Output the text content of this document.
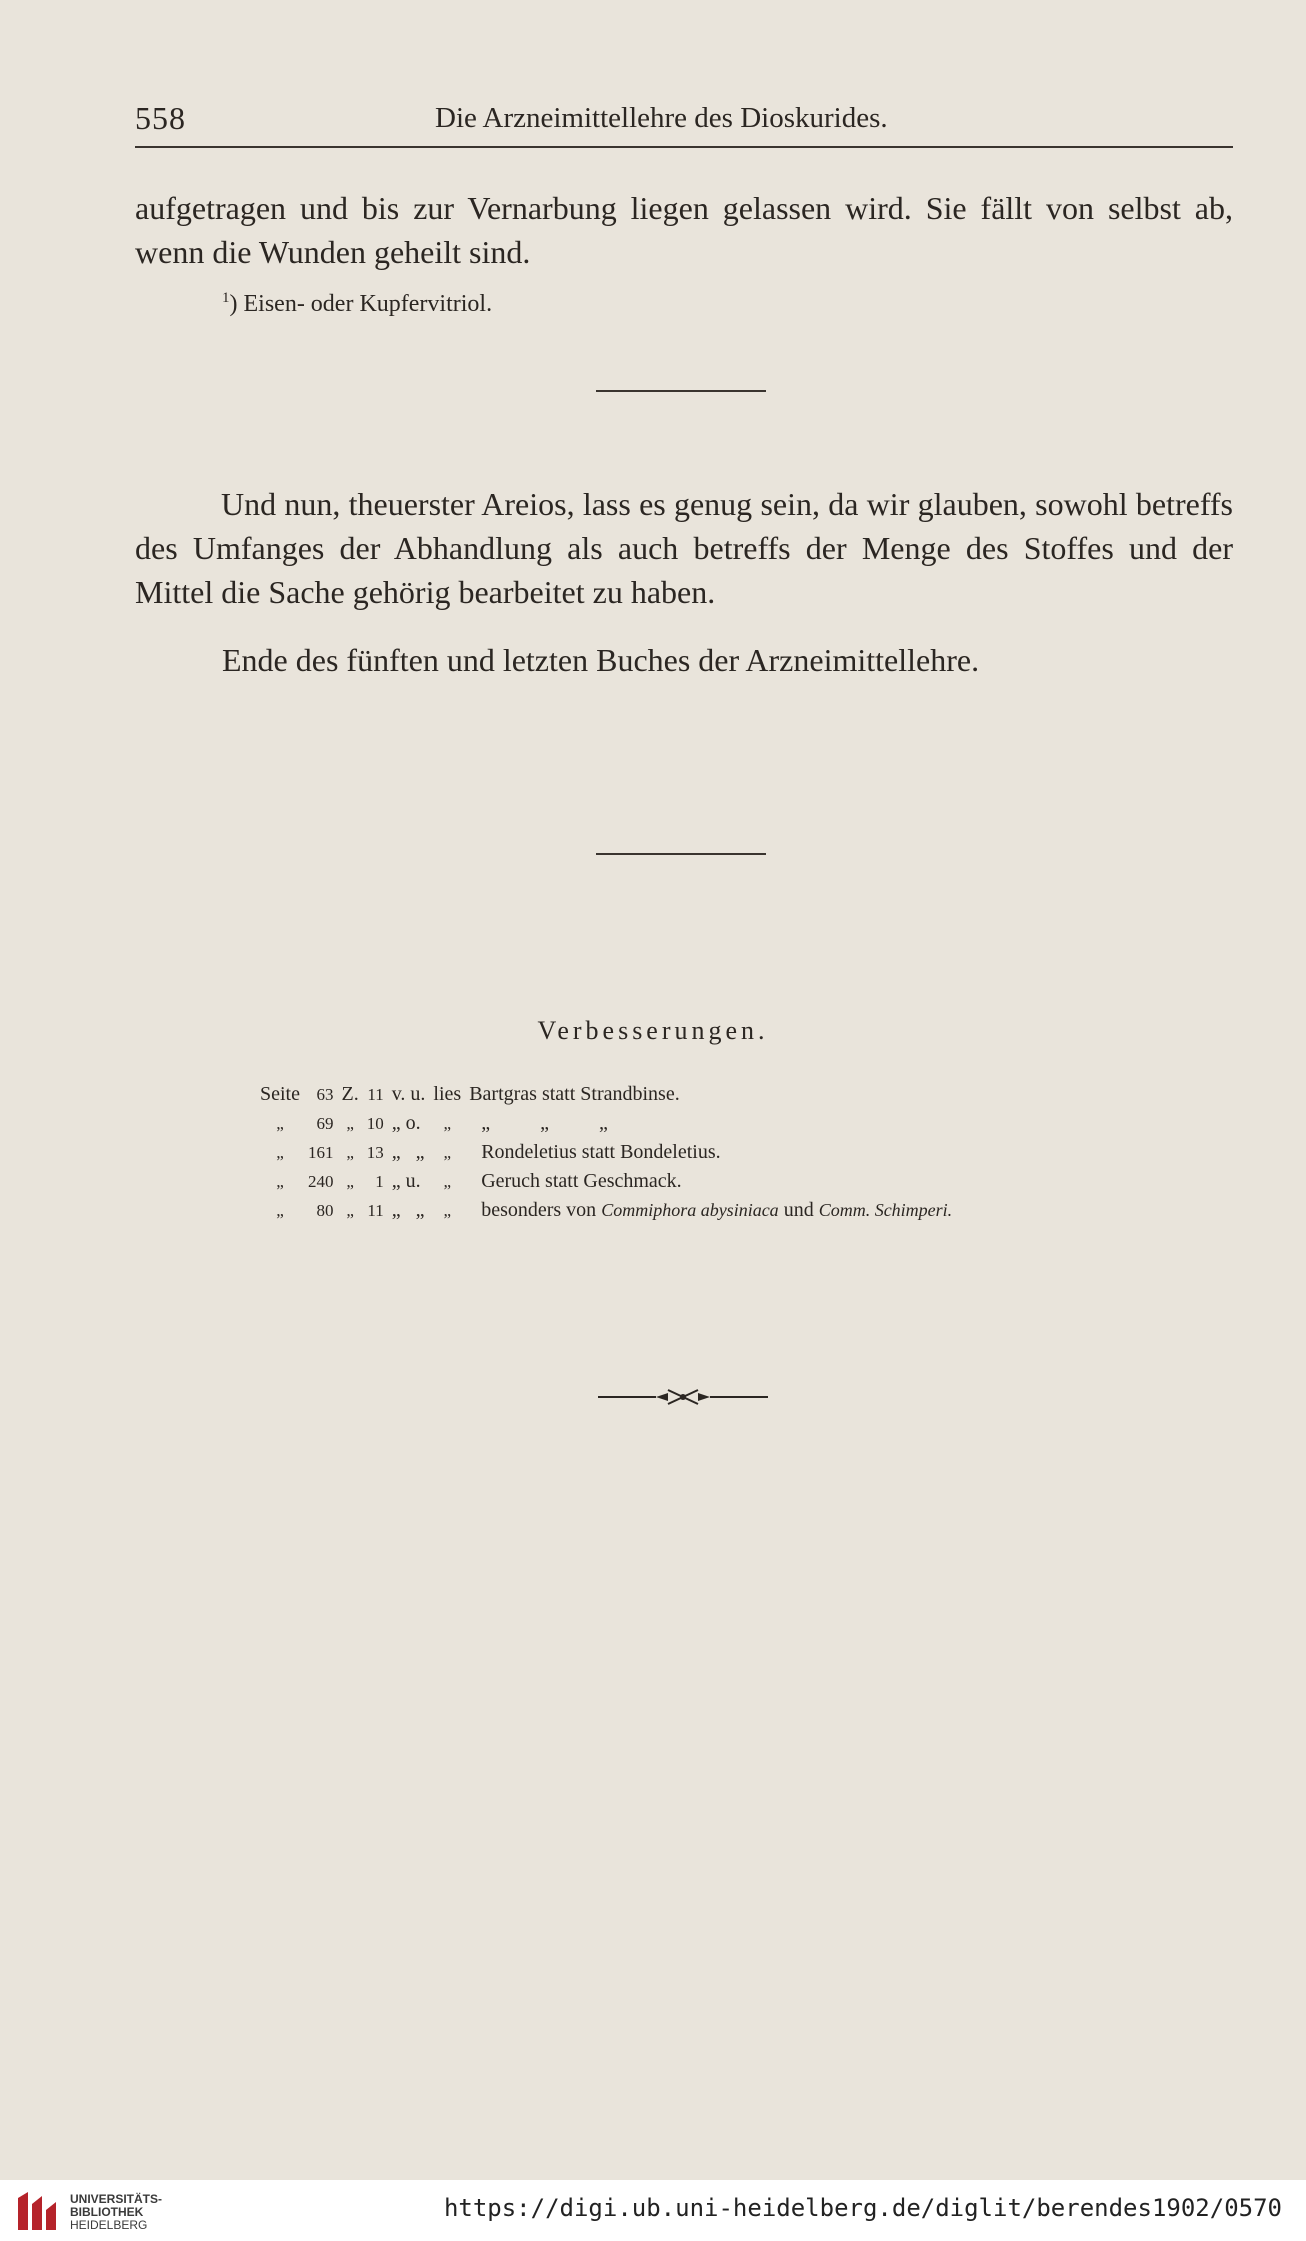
558	Die Arzneimittellehre des Dioskurides.
aufgetragen und bis zur Vernarbung liegen gelassen wird. Sie fällt von selbst ab, wenn die Wunden geheilt sind.
$^1$) Eisen- oder Kupfervitriol.
Und nun, theuerster Areios, lass es genug sein, da wir glauben, sowohl betreffs des Umfanges der Abhandlung als auch betreffs der Menge des Stoffes und der Mittel die Sache gehörig bearbeitet zu haben.
Ende des fünften und letzten Buches der Arzneimittellehre.
Verbesserungen.
Seite	63	Z.	11	v. u.	lies	Bartgras statt Strandbinse.
„	69	„	10	„ o.	„	„          „          „
„	161	„	13	„   „	„	Rondeletius statt Bondeletius.
„	240	„	1	„ u.	„	Geruch statt Geschmack.
„	80	„	11	„   „	„	besonders von Commiphora abysiniaca und Comm. Schimperi.
UNIVERSITÄTS-
BIBLIOTHEK
HEIDELBERG
https://digi.ub.uni-heidelberg.de/diglit/berendes1902/0570
